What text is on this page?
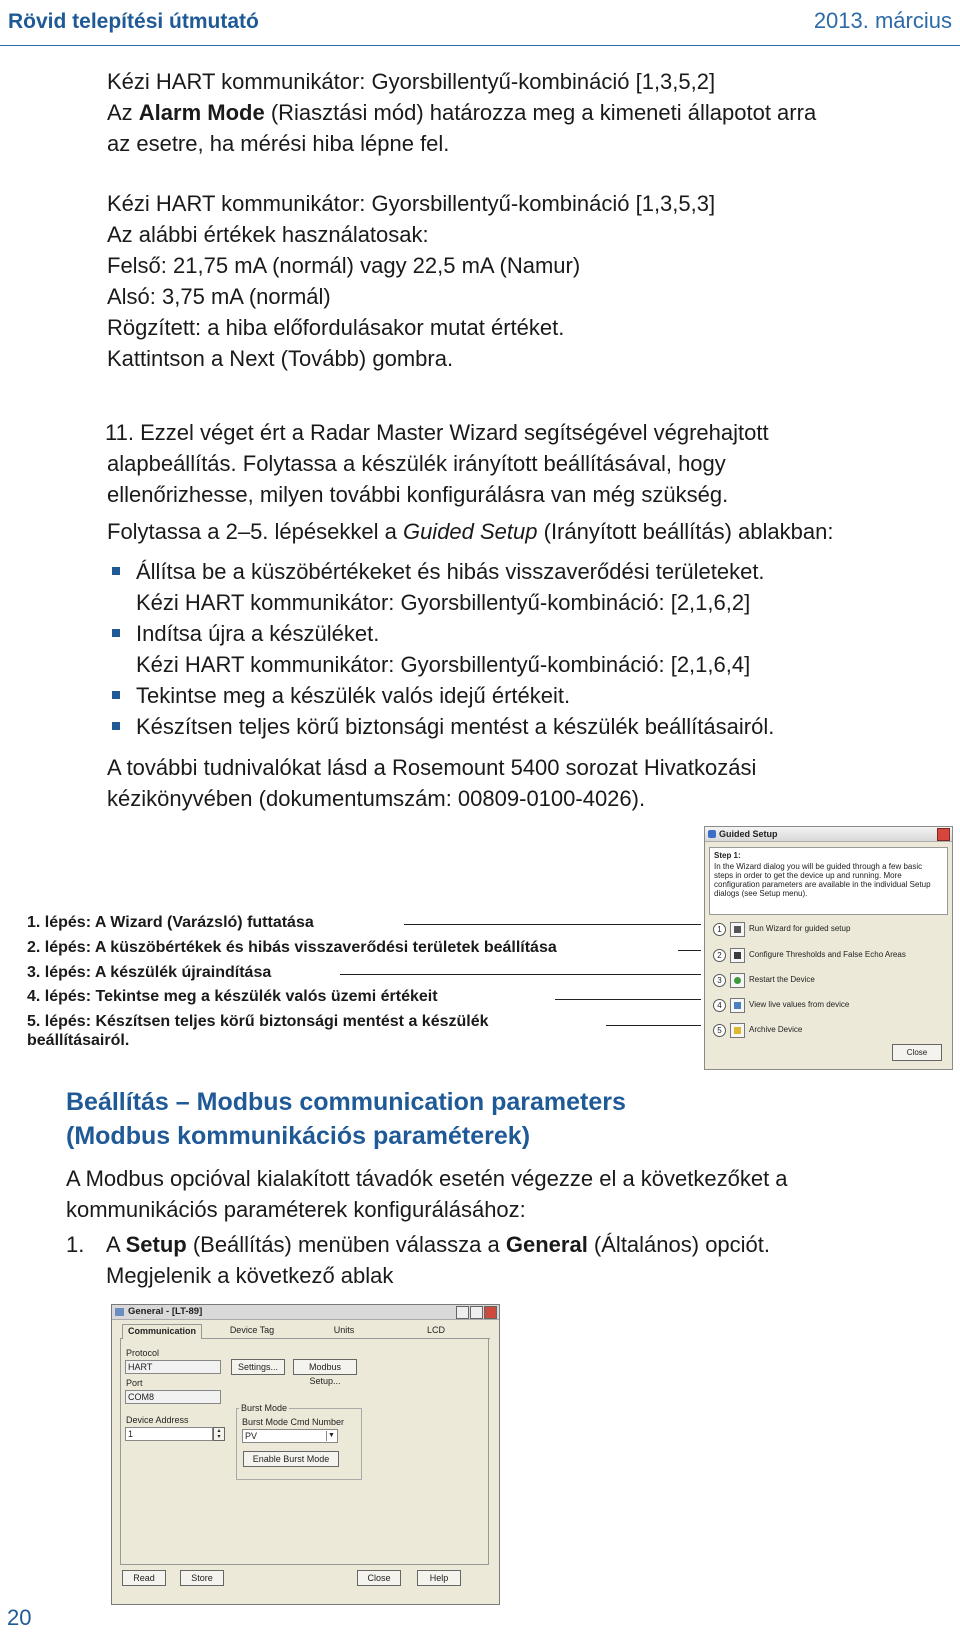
Rövid telepítési útmutató	2013. március
Kézi HART kommunikátor: Gyorsbillentyű-kombináció [1,3,5,2]
Az Alarm Mode (Riasztási mód) határozza meg a kimeneti állapotot arra
az esetre, ha mérési hiba lépne fel.
Kézi HART kommunikátor: Gyorsbillentyű-kombináció [1,3,5,3]
Az alábbi értékek használatosak:
Felső: 21,75 mA (normál) vagy 22,5 mA (Namur)
Alsó: 3,75 mA (normál)
Rögzített: a hiba előfordulásakor mutat értéket.
Kattintson a Next (Tovább) gombra.
11. Ezzel véget ért a Radar Master Wizard segítségével végrehajtott
alapbeállítás. Folytassa a készülék irányított beállításával, hogy
ellenőrizhesse, milyen további konfigurálásra van még szükség.
Folytassa a 2–5. lépésekkel a Guided Setup (Irányított beállítás) ablakban:
Állítsa be a küszöbértékeket és hibás visszaverődési területeket.
Kézi HART kommunikátor: Gyorsbillentyű-kombináció: [2,1,6,2]
Indítsa újra a készüléket.
Kézi HART kommunikátor: Gyorsbillentyű-kombináció: [2,1,6,4]
Tekintse meg a készülék valós idejű értékeit.
Készítsen teljes körű biztonsági mentést a készülék beállításairól.
A további tudnivalókat lásd a Rosemount 5400 sorozat Hivatkozási
kézikönyvében (dokumentumszám: 00809-0100-4026).
1. lépés: A Wizard (Varázsló) futtatása
2. lépés: A küszöbértékek és hibás visszaverődési területek beállítása
3. lépés: A készülék újraindítása
4. lépés: Tekintse meg a készülék valós üzemi értékeit
5. lépés: Készítsen teljes körű biztonsági mentést a készülék
beállításairól.
Guided Setup
Step 1:
In the Wizard dialog you will be guided through a few basic steps in order to get the device up and running. More configuration parameters are available in the individual Setup dialogs (see Setup menu).
1	Run Wizard for guided setup
2	Configure Thresholds and False Echo Areas
3	Restart the Device
4	View live values from device
5	Archive Device
Close
Beállítás – Modbus communication parameters
(Modbus kommunikációs paraméterek)
A Modbus opcióval kialakított távadók esetén végezze el a következőket a
kommunikációs paraméterek konfigurálásához:
1. A Setup (Beállítás) menüben válassza a General (Általános) opciót.
Megjelenik a következő ablak
General - [LT-89]
Communication	Device Tag	Units	LCD
Protocol
HART	Settings...	Modbus Setup...
Port
COM8
Burst Mode
Burst Mode Cmd Number
PV	▼
Enable Burst Mode
Device Address
1	▴
▾
Read	Store	Close	Help
20
